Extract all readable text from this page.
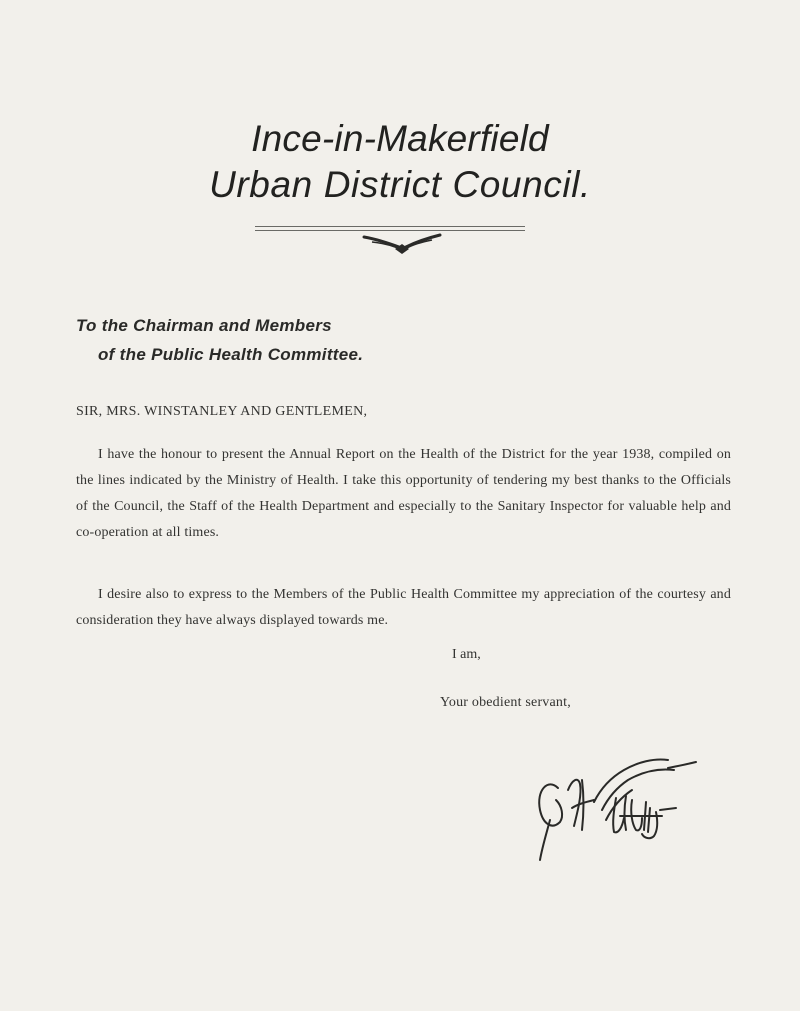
Ince-in-Makerfield
Urban District Council.
To the Chairman and Members
of the Public Health Committee.

SIR, MRS. WINSTANLEY AND GENTLEMEN,

I have the honour to present the Annual Report on the Health of the District for the year 1938, compiled on the lines indicated by the Ministry of Health. I take this opportunity of tendering my best thanks to the Officials of the Council, the Staff of the Health Department and especially to the Sanitary Inspector for valuable help and co-operation at all times.

I desire also to express to the Members of the Public Health Committee my appreciation of the courtesy and consideration they have always displayed towards me.

I am,
Your obedient servant,
